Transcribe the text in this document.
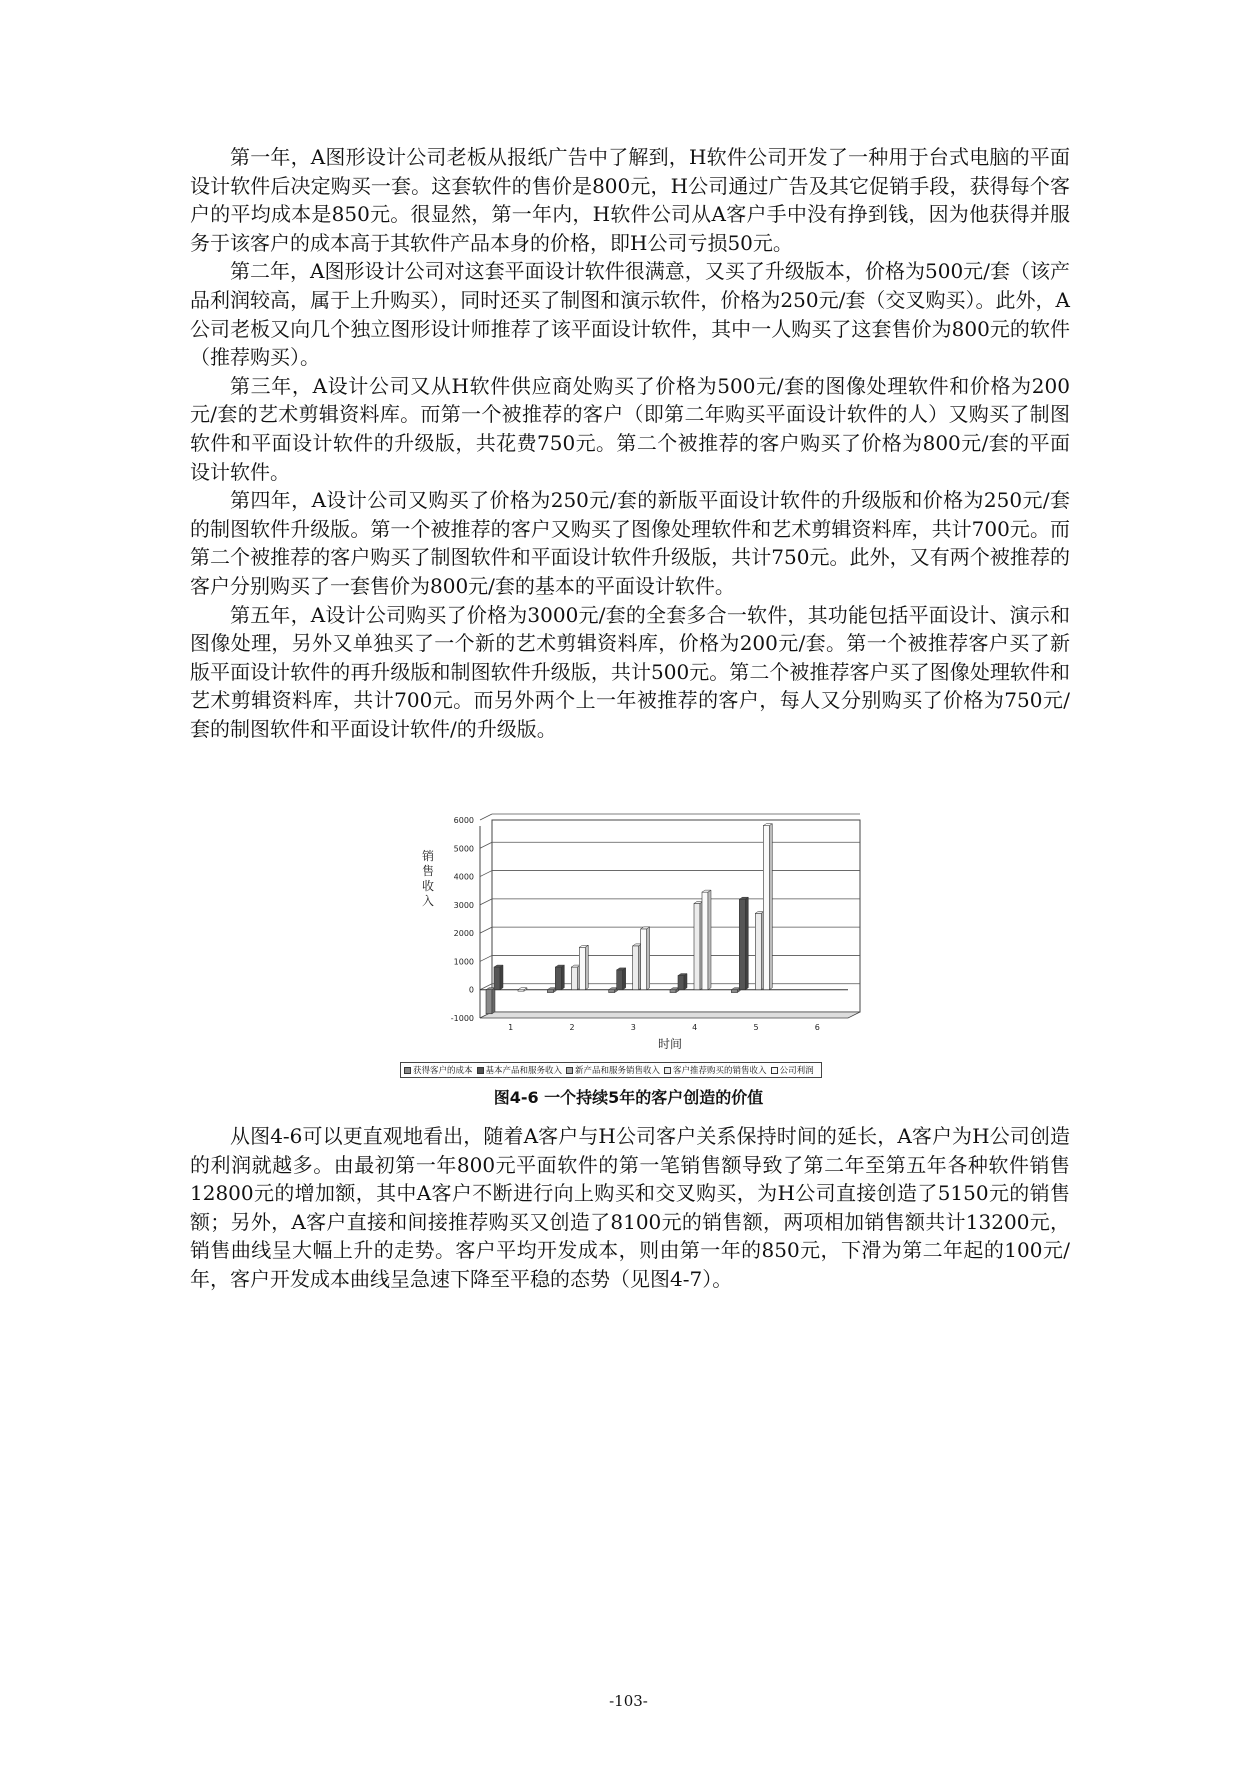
第一年，A图形设计公司老板从报纸广告中了解到，H软件公司开发了一种用于台式电脑的平面设计软件后决定购买一套。这套软件的售价是800元，H公司通过广告及其它促销手段，获得每个客户的平均成本是850元。很显然，第一年内，H软件公司从A客户手中没有挣到钱，因为他获得并服务于该客户的成本高于其软件产品本身的价格，即H公司亏损50元。

第二年，A图形设计公司对这套平面设计软件很满意，又买了升级版本，价格为500元/套（该产品利润较高，属于上升购买），同时还买了制图和演示软件，价格为250元/套（交叉购买）。此外，A公司老板又向几个独立图形设计师推荐了该平面设计软件，其中一人购买了这套售价为800元的软件（推荐购买）。

第三年，A设计公司又从H软件供应商处购买了价格为500元/套的图像处理软件和价格为200元/套的艺术剪辑资料库。而第一个被推荐的客户（即第二年购买平面设计软件的人）又购买了制图软件和平面设计软件的升级版，共花费750元。第二个被推荐的客户购买了价格为800元/套的平面设计软件。

第四年，A设计公司又购买了价格为250元/套的新版平面设计软件的升级版和价格为250元/套的制图软件升级版。第一个被推荐的客户又购买了图像处理软件和艺术剪辑资料库，共计700元。而第二个被推荐的客户购买了制图软件和平面设计软件升级版，共计750元。此外，又有两个被推荐的客户分别购买了一套售价为800元/套的基本的平面设计软件。

第五年，A设计公司购买了价格为3000元/套的全套多合一软件，其功能包括平面设计、演示和图像处理，另外又单独买了一个新的艺术剪辑资料库，价格为200元/套。第一个被推荐客户买了新版平面设计软件的再升级版和制图软件升级版，共计500元。第二个被推荐客户买了图像处理软件和艺术剪辑资料库，共计700元。而另外两个上一年被推荐的客户，每人又分别购买了价格为750元/套的制图软件和平面设计软件/的升级版。

-1000
0
1000
2000
3000
4000
5000
6000
1	2	3	4	5	6
销售收入
时间
获得客户的成本 基本产品和服务收入 新产品和服务销售收入 客户推荐购买的销售收入 公司利润
图4-6 一个持续5年的客户创造的价值

从图4-6可以更直观地看出，随着A客户与H公司客户关系保持时间的延长，A客户为H公司创造的利润就越多。由最初第一年800元平面软件的第一笔销售额导致了第二年至第五年各种软件销售12800元的增加额，其中A客户不断进行向上购买和交叉购买，为H公司直接创造了5150元的销售额；另外，A客户直接和间接推荐购买又创造了8100元的销售额，两项相加销售额共计13200元，销售曲线呈大幅上升的走势。客户平均开发成本，则由第一年的850元，下滑为第二年起的100元/年，客户开发成本曲线呈急速下降至平稳的态势（见图4-7）。

-103-
